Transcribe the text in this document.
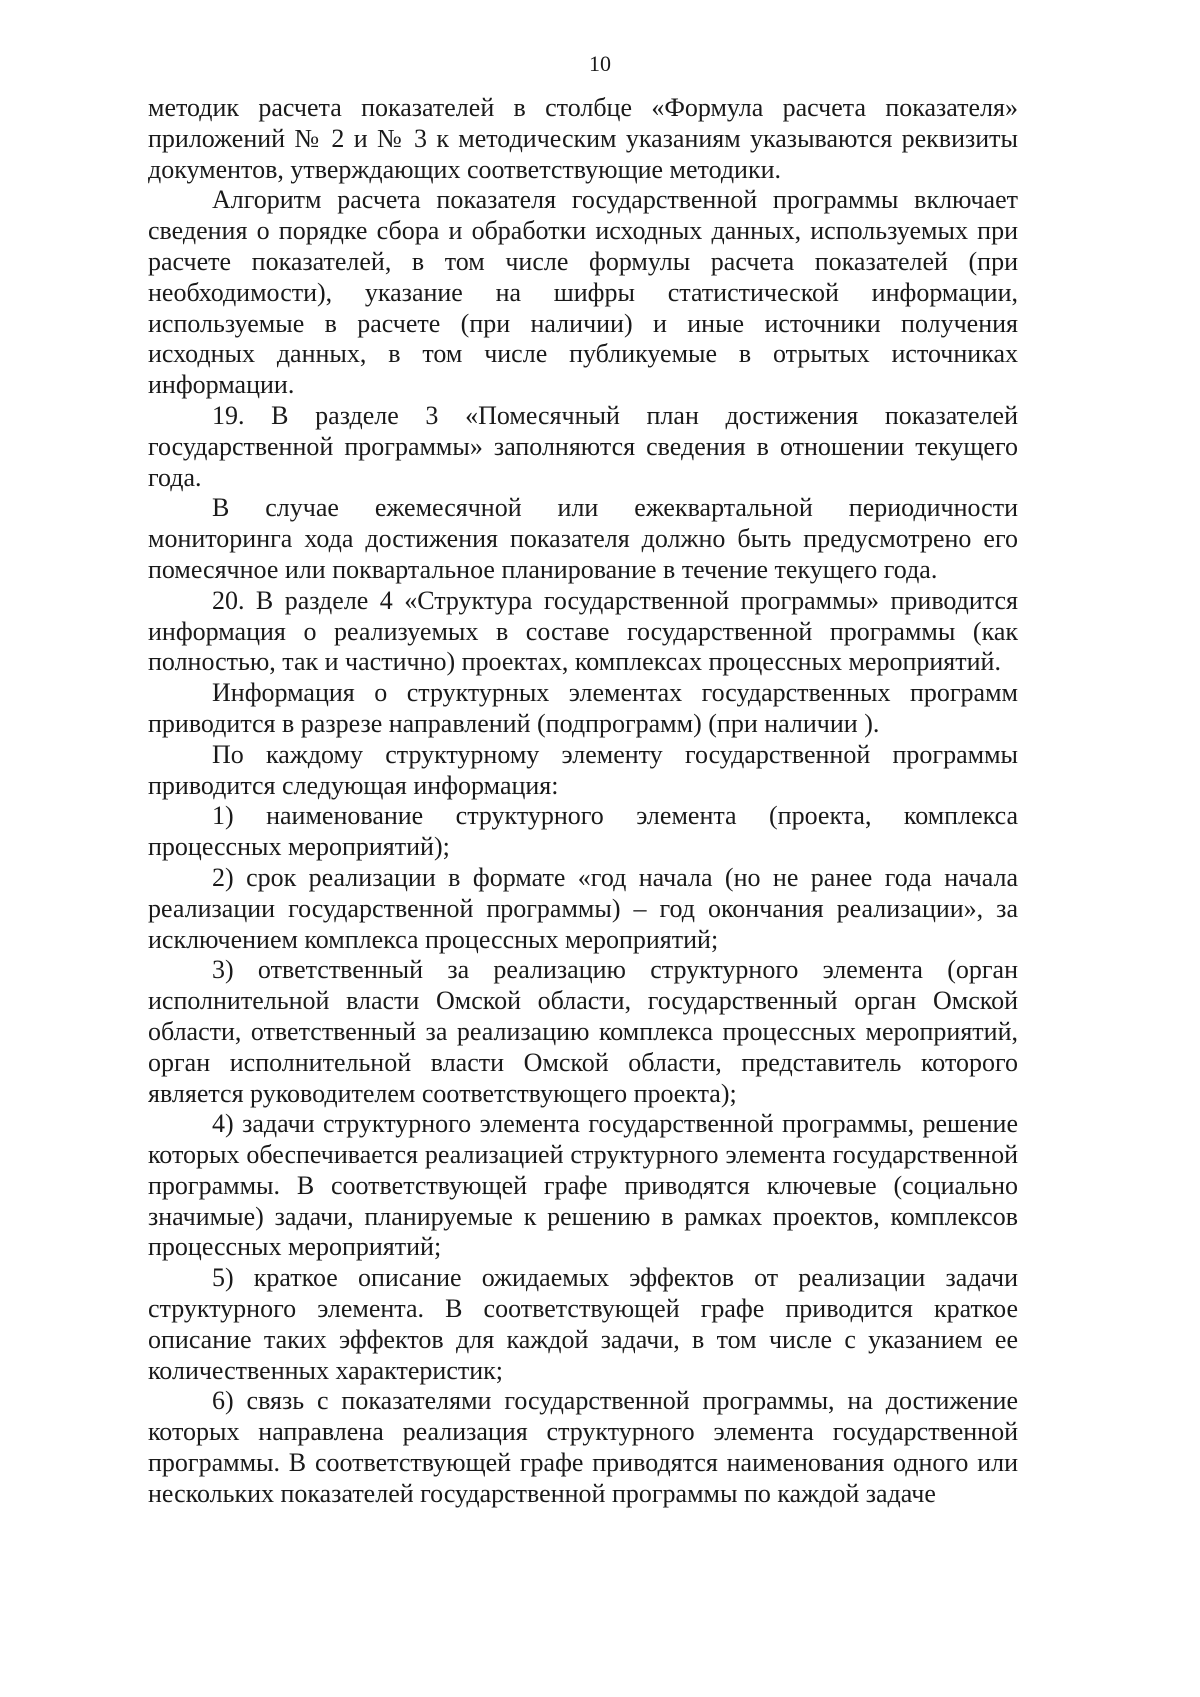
10

методик расчета показателей в столбце «Формула расчета показателя» приложений № 2 и № 3 к методическим указаниям указываются реквизиты документов, утверждающих соответствующие методики.

Алгоритм расчета показателя государственной программы включает сведения о порядке сбора и обработки исходных данных, используемых при расчете показателей, в том числе формулы расчета показателей (при необходимости), указание на шифры статистической информации, используемые в расчете (при наличии) и иные источники получения исходных данных, в том числе публикуемые в отрытых источниках информации.

19. В разделе 3 «Помесячный план достижения показателей государственной программы» заполняются сведения в отношении текущего года.

В случае ежемесячной или ежеквартальной периодичности мониторинга хода достижения показателя должно быть предусмотрено его помесячное или поквартальное планирование в течение текущего года.

20. В разделе 4 «Структура государственной программы» приводится информация о реализуемых в составе государственной программы (как полностью, так и частично) проектах, комплексах процессных мероприятий.

Информация о структурных элементах государственных программ приводится в разрезе направлений (подпрограмм) (при наличии ).

По каждому структурному элементу государственной программы приводится следующая информация:

1) наименование структурного элемента (проекта, комплекса процессных мероприятий);

2) срок реализации в формате «год начала (но не ранее года начала реализации государственной программы) – год окончания реализации», за исключением комплекса процессных мероприятий;

3) ответственный за реализацию структурного элемента (орган исполнительной власти Омской области, государственный орган Омской области, ответственный за реализацию комплекса процессных мероприятий, орган исполнительной власти Омской области, представитель которого является руководителем соответствующего проекта);

4) задачи структурного элемента государственной программы, решение которых обеспечивается реализацией структурного элемента государственной программы. В соответствующей графе приводятся ключевые (социально значимые) задачи, планируемые к решению в рамках проектов, комплексов процессных мероприятий;

5) краткое описание ожидаемых эффектов от реализации задачи структурного элемента. В соответствующей графе приводится краткое описание таких эффектов для каждой задачи, в том числе с указанием ее количественных характеристик;

6) связь с показателями государственной программы, на достижение которых направлена реализация структурного элемента государственной программы. В соответствующей графе приводятся наименования одного или нескольких показателей государственной программы по каждой задаче
